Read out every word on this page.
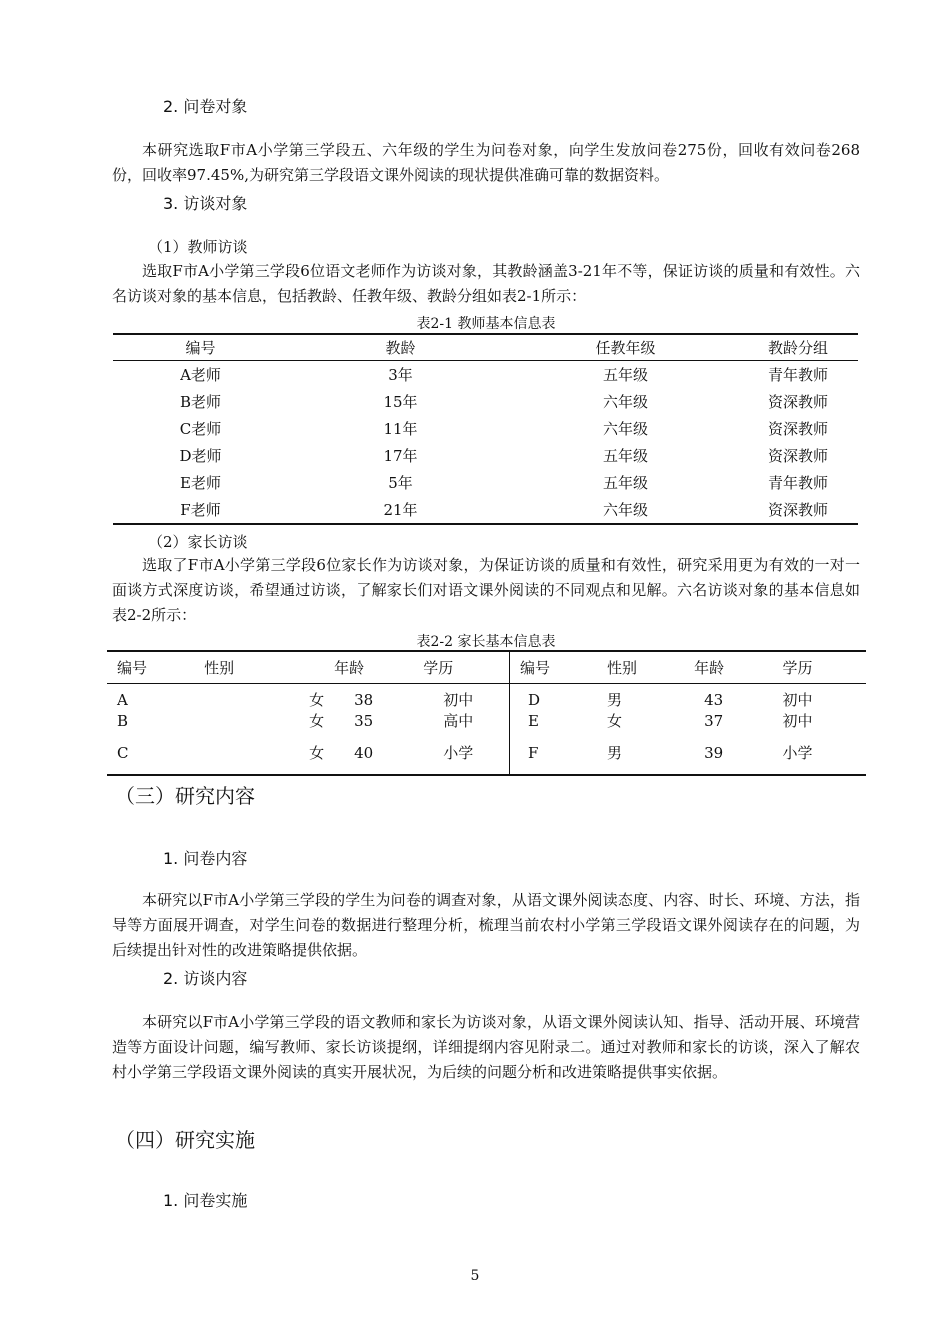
2. 问卷对象
本研究选取F市A小学第三学段五、六年级的学生为问卷对象，向学生发放问卷275份，回收有效问卷268份，回收率97.45%,为研究第三学段语文课外阅读的现状提供准确可靠的数据资料。
3. 访谈对象
（1）教师访谈
选取F市A小学第三学段6位语文老师作为访谈对象，其教龄涵盖3-21年不等，保证访谈的质量和有效性。六名访谈对象的基本信息，包括教龄、任教年级、教龄分组如表2-1所示：
表2-1 教师基本信息表
编号	教龄	任教年级	教龄分组
A老师	3年	五年级	青年教师
B老师	15年	六年级	资深教师
C老师	11年	六年级	资深教师
D老师	17年	五年级	资深教师
E老师	5年	五年级	青年教师
F老师	21年	六年级	资深教师
（2）家长访谈
选取了F市A小学第三学段6位家长作为访谈对象，为保证访谈的质量和有效性，研究采用更为有效的一对一面谈方式深度访谈，希望通过访谈，了解家长们对语文课外阅读的不同观点和见解。六名访谈对象的基本信息如表2-2所示：
表2-2 家长基本信息表
编号	性别	年龄	学历	编号	性别	年龄	学历
A	女	38	初中	D	男	43	初中
B	女	35	高中	E	女	37	初中
C	女	40	小学	F	男	39	小学
（三）研究内容
1. 问卷内容
本研究以F市A小学第三学段的学生为问卷的调查对象，从语文课外阅读态度、内容、时长、环境、方法，指导等方面展开调查，对学生问卷的数据进行整理分析，梳理当前农村小学第三学段语文课外阅读存在的问题，为后续提出针对性的改进策略提供依据。
2. 访谈内容
本研究以F市A小学第三学段的语文教师和家长为访谈对象，从语文课外阅读认知、指导、活动开展、环境营造等方面设计问题，编写教师、家长访谈提纲，详细提纲内容见附录二。通过对教师和家长的访谈，深入了解农村小学第三学段语文课外阅读的真实开展状况，为后续的问题分析和改进策略提供事实依据。
（四）研究实施
1. 问卷实施
5
